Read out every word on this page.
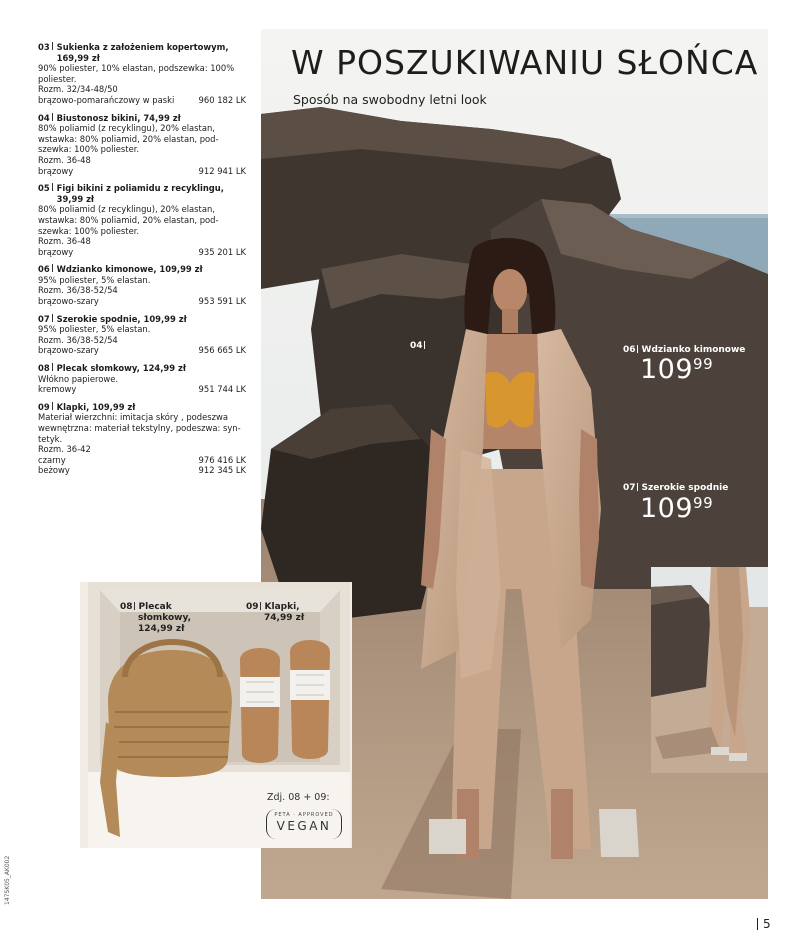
03 Sukienka z założeniem kopertowym,
169,99 zł
90% poliester, 10% elastan, podszewka: 100%
poliester.
Rozm. 32/34-48/50
brązowo-pomarańczowy w paski	960 182 LK
04 Biustonosz bikini, 74,99 zł
80% poliamid (z recyklingu), 20% elastan,
wstawka: 80% poliamid, 20% elastan, pod-
szewka: 100% poliester.
Rozm. 36-48
brązowy	912 941 LK
05 Figi bikini z poliamidu z recyklingu,
39,99 zł
80% poliamid (z recyklingu), 20% elastan,
wstawka: 80% poliamid, 20% elastan, pod-
szewka: 100% poliester.
Rozm. 36-48
brązowy	935 201 LK
06 Wdzianko kimonowe, 109,99 zł
95% poliester, 5% elastan.
Rozm. 36/38-52/54
brązowo-szary	953 591 LK
07 Szerokie spodnie, 109,99 zł
95% poliester, 5% elastan.
Rozm. 36/38-52/54
brązowo-szary	956 665 LK
08 Plecak słomkowy, 124,99 zł
Włókno papierowe.
kremowy	951 744 LK
09 Klapki, 109,99 zł
Materiał wierzchni: imitacja skóry , podeszwa
wewnętrzna: materiał tekstylny, podeszwa: syn-
tetyk.
Rozm. 36-42
czarny	976 416 LK
beżowy	912 345 LK
W POSZUKIWANIU SŁOŃCA
Sposób na swobodny letni look
04	06 Wdzianko kimonowe
$109^{99}$
07 Szerokie spodnie
$109^{99}$
08 Plecak
słomkowy,
124,99 zł
09 Klapki,
74,99 zł
Zdj. 08 + 09:
PETA · APPROVED
VEGAN
147SK05_AK002
5
